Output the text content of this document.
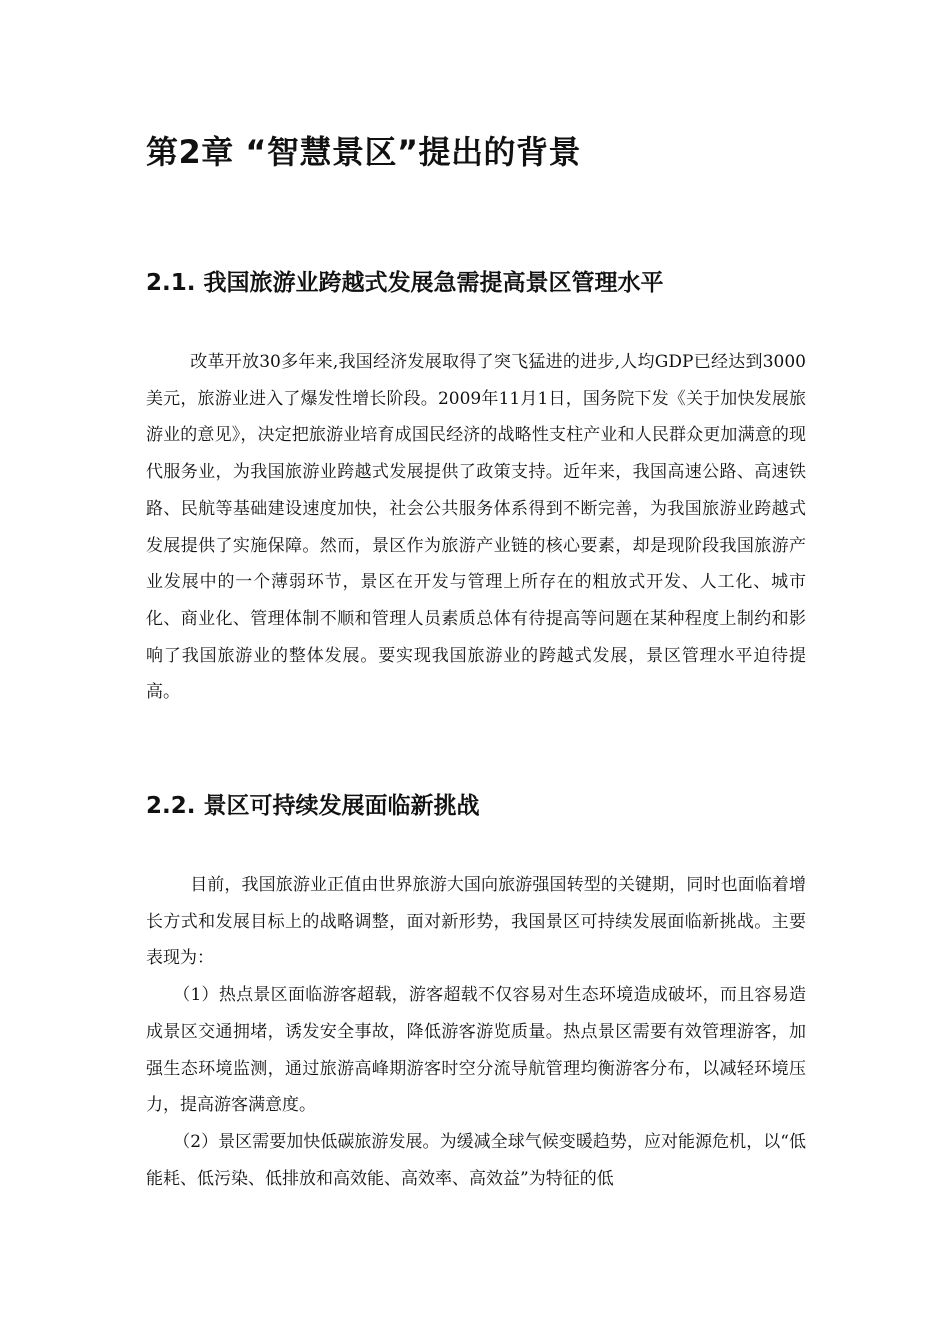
第2章 “智慧景区”提出的背景
2.1. 我国旅游业跨越式发展急需提高景区管理水平

改革开放30多年来,我国经济发展取得了突飞猛进的进步,人均GDP已经达到3000美元，旅游业进入了爆发性增长阶段。2009年11月1日，国务院下发《关于加快发展旅游业的意见》，决定把旅游业培育成国民经济的战略性支柱产业和人民群众更加满意的现代服务业，为我国旅游业跨越式发展提供了政策支持。近年来，我国高速公路、高速铁路、民航等基础建设速度加快，社会公共服务体系得到不断完善，为我国旅游业跨越式发展提供了实施保障。然而，景区作为旅游产业链的核心要素，却是现阶段我国旅游产业发展中的一个薄弱环节，景区在开发与管理上所存在的粗放式开发、人工化、城市化、商业化、管理体制不顺和管理人员素质总体有待提高等问题在某种程度上制约和影响了我国旅游业的整体发展。要实现我国旅游业的跨越式发展，景区管理水平迫待提高。

2.2. 景区可持续发展面临新挑战

目前，我国旅游业正值由世界旅游大国向旅游强国转型的关键期，同时也面临着增长方式和发展目标上的战略调整，面对新形势，我国景区可持续发展面临新挑战。主要表现为：

（1）热点景区面临游客超载，游客超载不仅容易对生态环境造成破坏，而且容易造成景区交通拥堵，诱发安全事故，降低游客游览质量。热点景区需要有效管理游客，加强生态环境监测，通过旅游高峰期游客时空分流导航管理均衡游客分布，以减轻环境压力，提高游客满意度。

（2）景区需要加快低碳旅游发展。为缓减全球气候变暖趋势，应对能源危机，以“低能耗、低污染、低排放和高效能、高效率、高效益”为特征的低
